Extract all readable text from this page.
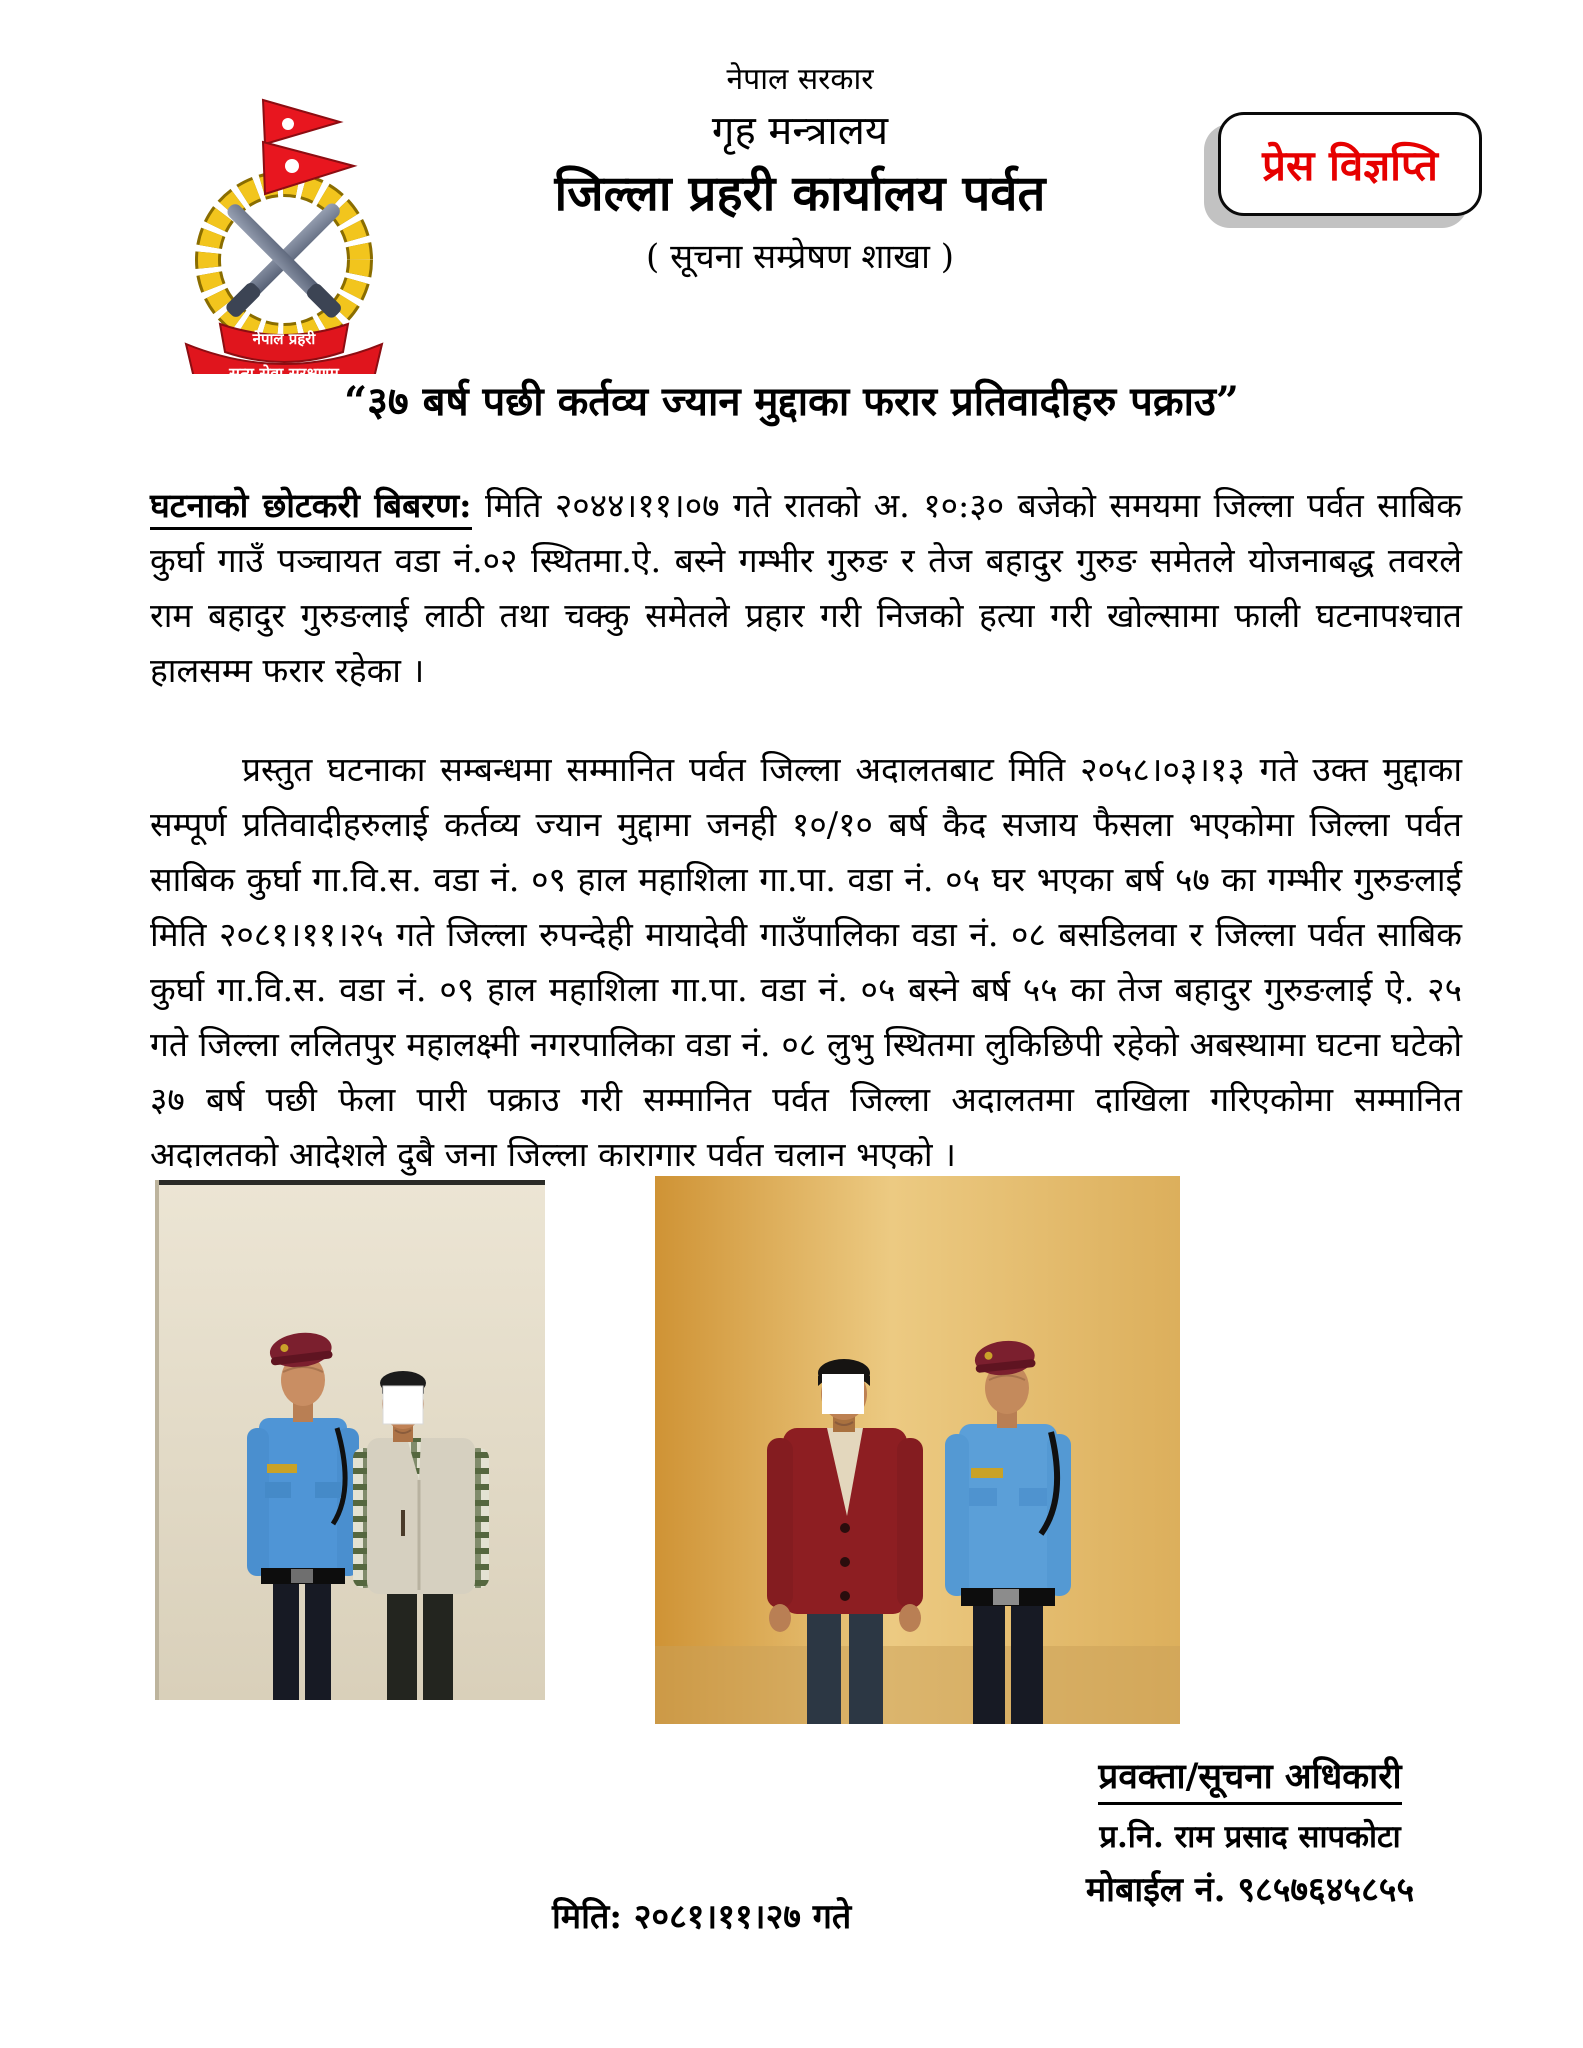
नेपाल प्रहरी
सत्य सेवा सुरक्षणम्
नेपाल सरकार
गृह मन्त्रालय
जिल्ला प्रहरी कार्यालय पर्वत
( सूचना सम्प्रेषण शाखा )
प्रेस विज्ञप्ति
“३७ बर्ष पछी कर्तव्य ज्यान मुद्दाका फरार प्रतिवादीहरु पक्राउ”
घटनाको छोटकरी बिबरण: मिति २०४४।११।०७ गते रातको अ. १०:३० बजेको समयमा जिल्ला पर्वत साबिक कुर्घा गाउँ पञ्चायत वडा नं.०२ स्थितमा.ऐ. बस्ने गम्भीर गुरुङ र तेज बहादुर गुरुङ समेतले योजनाबद्ध तवरले राम बहादुर गुरुङलाई लाठी तथा चक्कु समेतले प्रहार गरी निजको हत्या गरी खोल्सामा फाली घटनापश्चात हालसम्म फरार रहेका ।
प्रस्तुत घटनाका सम्बन्धमा सम्मानित पर्वत जिल्ला अदालतबाट मिति २०५८।०३।१३ गते उक्त मुद्दाका सम्पूर्ण प्रतिवादीहरुलाई कर्तव्य ज्यान मुद्दामा जनही १०/१० बर्ष कैद सजाय फैसला भएकोमा जिल्ला पर्वत साबिक कुर्घा गा.वि.स. वडा नं. ०९ हाल महाशिला गा.पा. वडा नं. ०५ घर भएका बर्ष ५७ का गम्भीर गुरुङलाई मिति २०८१।११।२५ गते जिल्ला रुपन्देही मायादेवी गाउँपालिका वडा नं. ०८ बसडिलवा र जिल्ला पर्वत साबिक कुर्घा गा.वि.स. वडा नं. ०९ हाल महाशिला गा.पा. वडा नं. ०५ बस्ने बर्ष ५५ का तेज बहादुर गुरुङलाई ऐ. २५ गते जिल्ला ललितपुर महालक्ष्मी नगरपालिका वडा नं. ०८ लुभु स्थितमा लुकिछिपी रहेको अबस्थामा घटना घटेको ३७ बर्ष पछी फेला पारी पक्राउ गरी सम्मानित पर्वत जिल्ला अदालतमा दाखिला गरिएकोमा सम्मानित अदालतको आदेशले दुबै जना जिल्ला कारागार पर्वत चलान भएको ।
प्रवक्ता/सूचना अधिकारी
प्र.नि. राम प्रसाद सापकोटा
मोबाईल नं. ९८५७६४५८५५
मिति: २०८१।११।२७ गते
